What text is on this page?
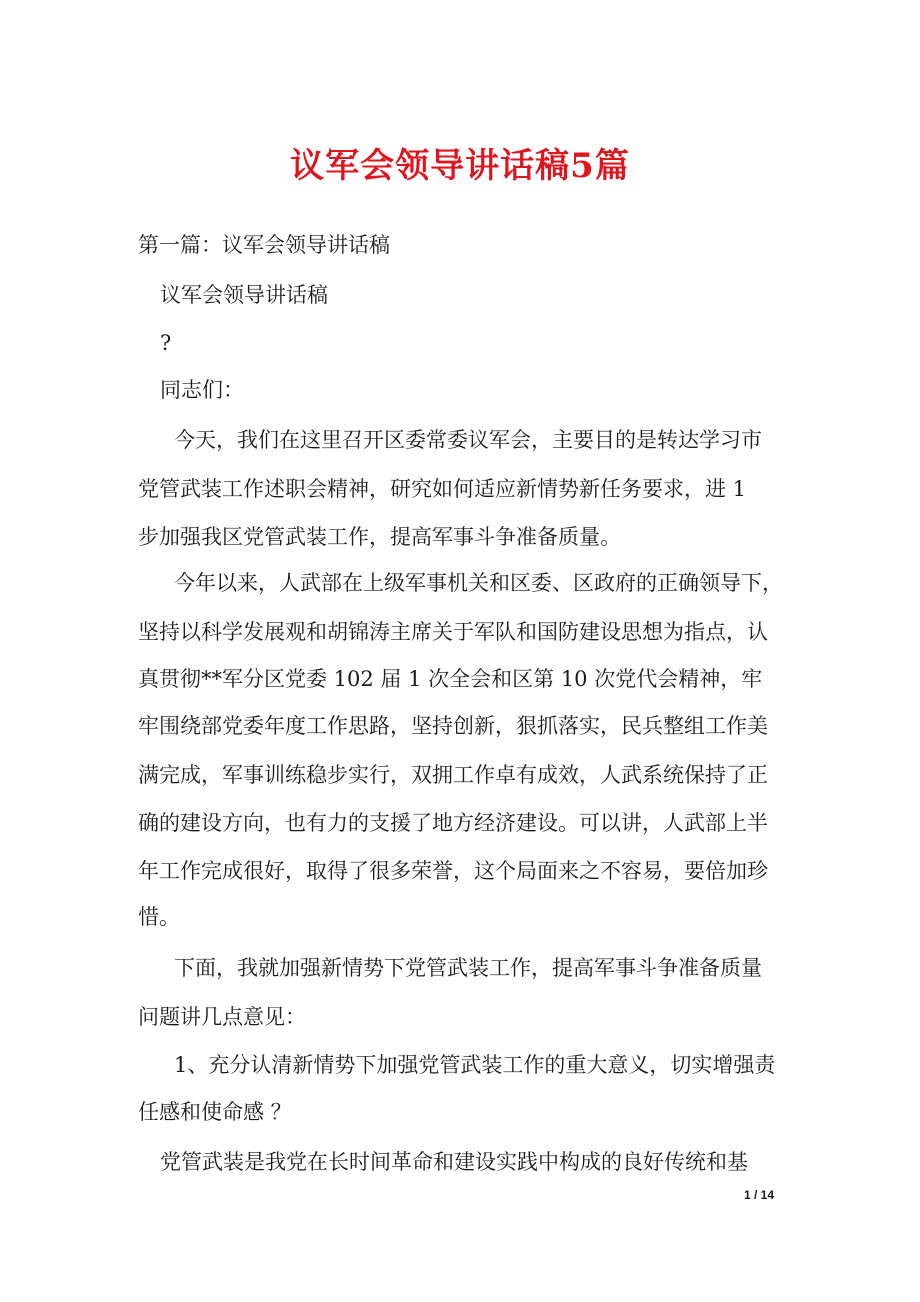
议军会领导讲话稿5篇
第一篇：议军会领导讲话稿
议军会领导讲话稿
?
同志们：
今天，我们在这里召开区委常委议军会，主要目的是转达学习市
党管武装工作述职会精神，研究如何适应新情势新任务要求，进 1
步加强我区党管武装工作，提高军事斗争准备质量。
今年以来，人武部在上级军事机关和区委、区政府的正确领导下，
坚持以科学发展观和胡锦涛主席关于军队和国防建设思想为指点，认
真贯彻**军分区党委 102 届 1 次全会和区第 10 次党代会精神，牢
牢围绕部党委年度工作思路，坚持创新，狠抓落实，民兵整组工作美
满完成，军事训练稳步实行，双拥工作卓有成效，人武系统保持了正
确的建设方向，也有力的支援了地方经济建设。可以讲，人武部上半
年工作完成很好，取得了很多荣誉，这个局面来之不容易，要倍加珍
惜。
下面，我就加强新情势下党管武装工作，提高军事斗争准备质量
问题讲几点意见：
1、充分认清新情势下加强党管武装工作的重大意义，切实增强责
任感和使命感 ？
党管武装是我党在长时间革命和建设实践中构成的良好传统和基
1 / 14
